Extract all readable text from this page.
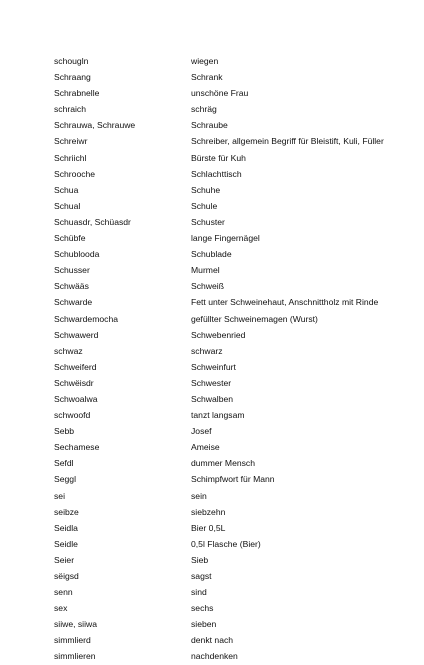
schougln	wiegen
Schraang	Schrank
Schrabnelle	unschöne Frau
schraich	schräg
Schrauwa, Schrauwe	Schraube
Schreiwr	Schreiber, allgemein Begriff für Bleistift, Kuli, Füller
Schriichl	Bürste für Kuh
Schrooche	Schlachttisch
Schua	Schuhe
Schual	Schule
Schuasdr, Schüasdr	Schuster
Schübfe	lange Fingernägel
Schublooda	Schublade
Schusser	Murmel
Schwääs	Schweiß
Schwarde	Fett unter Schweinehaut, Anschnittholz mit Rinde
Schwardemocha	gefüllter Schweinemagen (Wurst)
Schwawerd	Schwebenried
schwaz	schwarz
Schweiferd	Schweinfurt
Schwëisdr	Schwester
Schwoalwa	Schwalben
schwoofd	tanzt langsam
Sebb	Josef
Sechamese	Ameise
Sefdl	dummer Mensch
Seggl	Schimpfwort für Mann
sei	sein
seibze	siebzehn
Seidla	Bier 0,5L
Seidle	0,5l Flasche (Bier)
Seier	Sieb
sëigsd	sagst
senn	sind
sex	sechs
siiwe, siiwa	sieben
simmlierd	denkt nach
simmlieren	nachdenken
